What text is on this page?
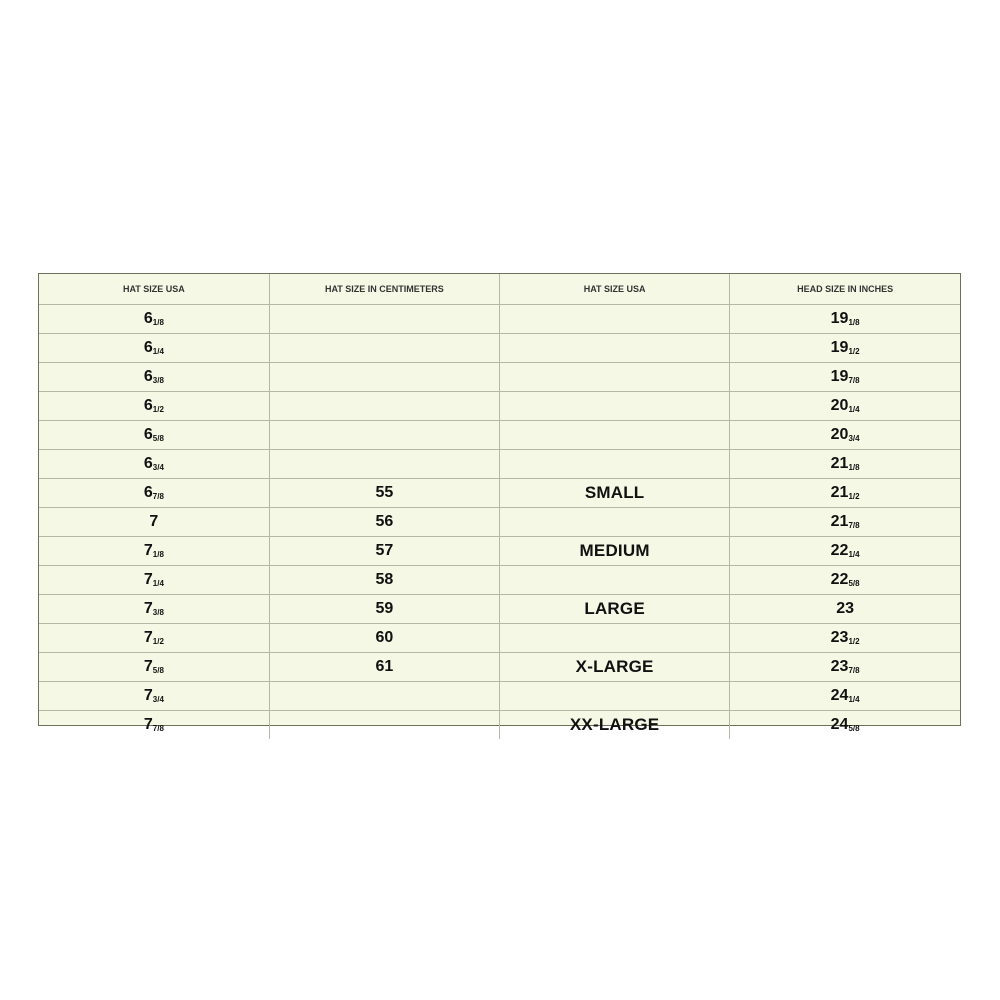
HAT SIZE USA	HAT SIZE IN CENTIMETERS	HAT SIZE USA	HEAD SIZE IN INCHES
61/8			191/8
61/4			191/2
63/8			197/8
61/2			201/4
65/8			203/4
63/4			211/8
67/8	55	SMALL	211/2
7	56		217/8
71/8	57	MEDIUM	221/4
71/4	58		225/8
73/8	59	LARGE	23
71/2	60		231/2
75/8	61	X-LARGE	237/8
73/4			241/4
77/8		XX-LARGE	245/8
